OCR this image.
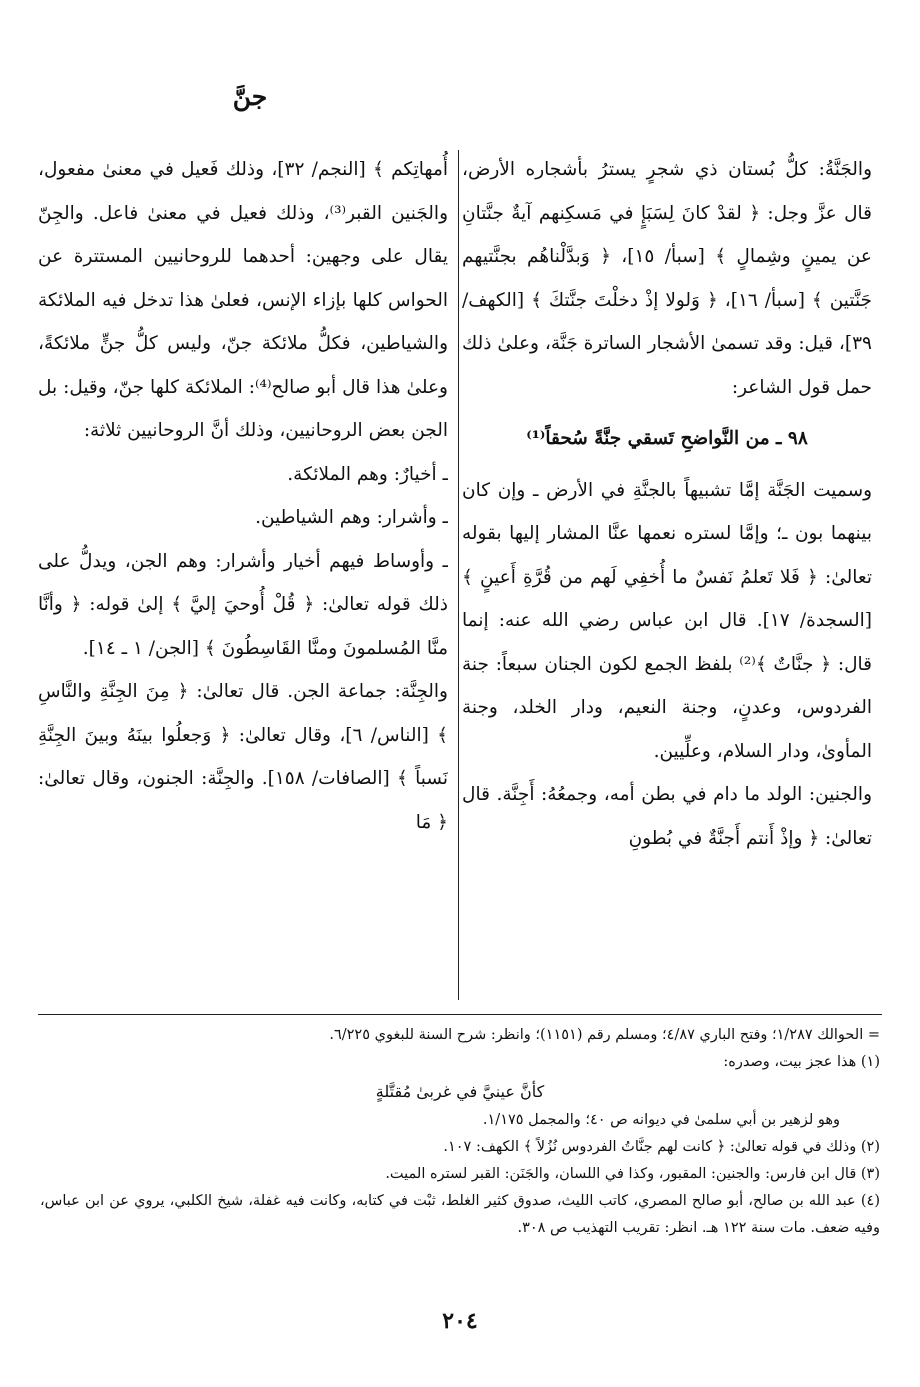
جنَّ

والجَنَّةُ: كلُّ بُستان ذي شجرٍ يسترُ بأشجاره الأرض، قال عزَّ وجل: ﴿ لقدْ كانَ لِسَبَإٍ في مَسكِنهم آيةٌ جنَّتانِ عن يمينٍ وشِمالٍ ﴾ [سبأ/ ١٥]، ﴿ وَبدَّلْناهُم بجنَّتيهم جَنَّتين ﴾ [سبأ/ ١٦]، ﴿ وَلولا إذْ دخلْتَ جنَّتكَ ﴾ [الكهف/ ٣٩]، قيل: وقد تسمىٰ الأشجار الساترة جَنَّة، وعلىٰ ذلك حمل قول الشاعر:

٩٨ ـ من النَّواضحِ تَسقي جنَّةً سُحقاً⁽¹⁾

وسميت الجَنَّة إمَّا تشبيهاً بالجنَّةِ في الأرض ـ وإن كان بينهما بون ـ؛ وإمَّا لستره نعمها عنَّا المشار إليها بقوله تعالىٰ: ﴿ فَلا تَعلمُ نَفسٌ ما أُخفِي لَهم من قُرَّةِ أَعينٍ ﴾ [السجدة/ ١٧]. قال ابن عباس رضي الله عنه: إنما قال: ﴿ جنَّاتٌ ﴾⁽²⁾ بلفظ الجمع لكون الجنان سبعاً: جنة الفردوس، وعدنٍ، وجنة النعيم، ودار الخلد، وجنة المأوىٰ، ودار السلام، وعلِّيين.

والجنين: الولد ما دام في بطن أمه، وجمعُهُ: أَجِنَّة. قال تعالىٰ: ﴿ وإذْ أَنتم أَجنَّةٌ في بُطونِ

أُمهاتِكم ﴾ [النجم/ ٣٢]، وذلك فَعيل في معنىٰ مفعول، والجَنين القبر⁽³⁾، وذلك فعيل في معنىٰ فاعل. والجِنّ يقال على وجهين: أحدهما للروحانيين المستترة عن الحواس كلها بإزاء الإنس، فعلىٰ هذا تدخل فيه الملائكة والشياطين، فكلُّ ملائكة جنّ، وليس كلُّ جنٍّ ملائكةً، وعلىٰ هذا قال أبو صالح⁽⁴⁾: الملائكة كلها جنّ، وقيل: بل الجن بعض الروحانيين، وذلك أنَّ الروحانيين ثلاثة:

ـ أخيارٌ: وهم الملائكة.

ـ وأشرار: وهم الشياطين.

ـ وأوساط فيهم أخيار وأشرار: وهم الجن، ويدلُّ على ذلك قوله تعالىٰ: ﴿ قُلْ أُوحيَ إليَّ ﴾ إلىٰ قوله: ﴿ وأنَّا منَّا المُسلمونَ ومنَّا القَاسِطُونَ ﴾ [الجن/ ١ ـ ١٤].

والجِنَّة: جماعة الجن. قال تعالىٰ: ﴿ مِنَ الجِنَّةِ والنَّاسِ ﴾ [الناس/ ٦]، وقال تعالىٰ: ﴿ وَجعلُوا بينَهُ وبينَ الجِنَّةِ نَسباً ﴾ [الصافات/ ١٥٨]. والجِنَّة: الجنون، وقال تعالىٰ: ﴿ مَا

= الحوالك ١/٢٨٧؛ وفتح الباري ٤/٨٧؛ ومسلم رقم (١١٥١)؛ وانظر: شرح السنة للبغوي ٦/٢٢٥.

(١) هذا عجز بيت، وصدره:

كأنَّ عينيَّ في غربىٰ مُقتَّلةٍ

وهو لزهير بن أبي سلمىٰ في ديوانه ص ٤٠؛ والمجمل ١/١٧٥.

(٢) وذلك في قوله تعالىٰ: ﴿ كانت لهم جنَّاتُ الفردوس نُزُلاً ﴾ الكهف: ١٠٧.

(٣) قال ابن فارس: والجنين: المقبور، وكذا في اللسان، والجَنَن: القبر لستره الميت.

(٤) عبد الله بن صالح، أبو صالح المصري، كاتب الليث، صدوق كثير الغلط، ثبْت في كتابه، وكانت فيه غفلة، شيخ الكلبي، يروي عن ابن عباس، وفيه ضعف. مات سنة ١٢٢ هـ. انظر: تقريب التهذيب ص ٣٠٨.

٢٠٤
